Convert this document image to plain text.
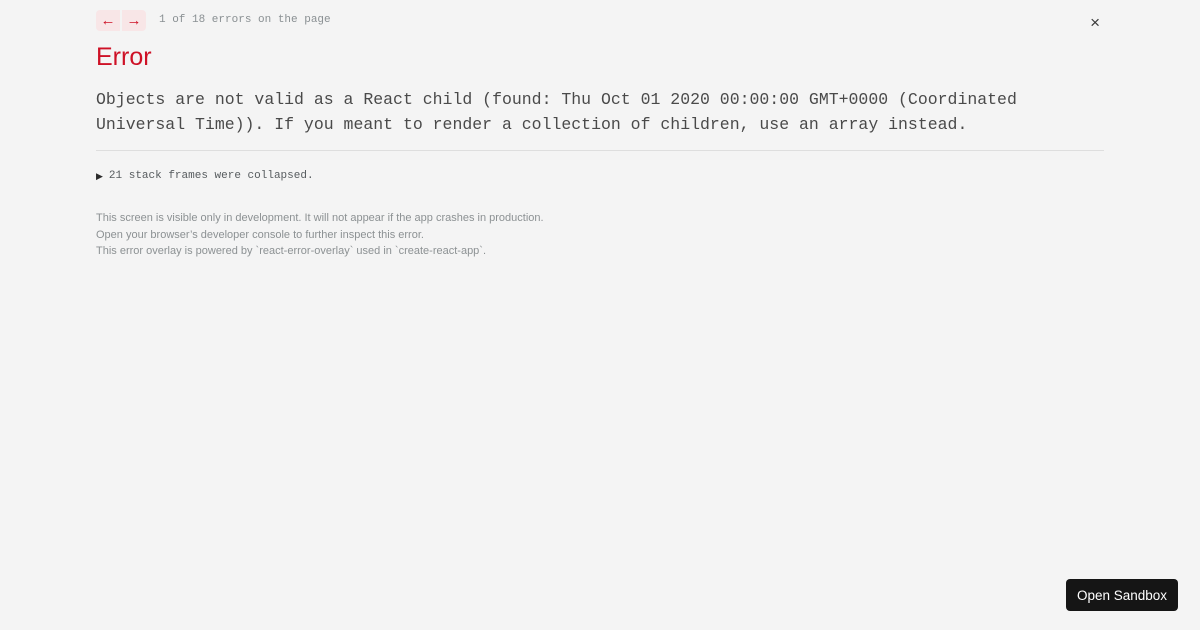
← →	1 of 18 errors on the page	×
Error

Objects are not valid as a React child (found: Thu Oct 01 2020 00:00:00 GMT+0000 (Coordinated Universal Time)). If you meant to render a collection of children, use an array instead.

▶ 21 stack frames were collapsed.
This screen is visible only in development. It will not appear if the app crashes in production.
Open your browser’s developer console to further inspect this error.
This error overlay is powered by `react-error-overlay` used in `create-react-app`.
Open Sandbox
